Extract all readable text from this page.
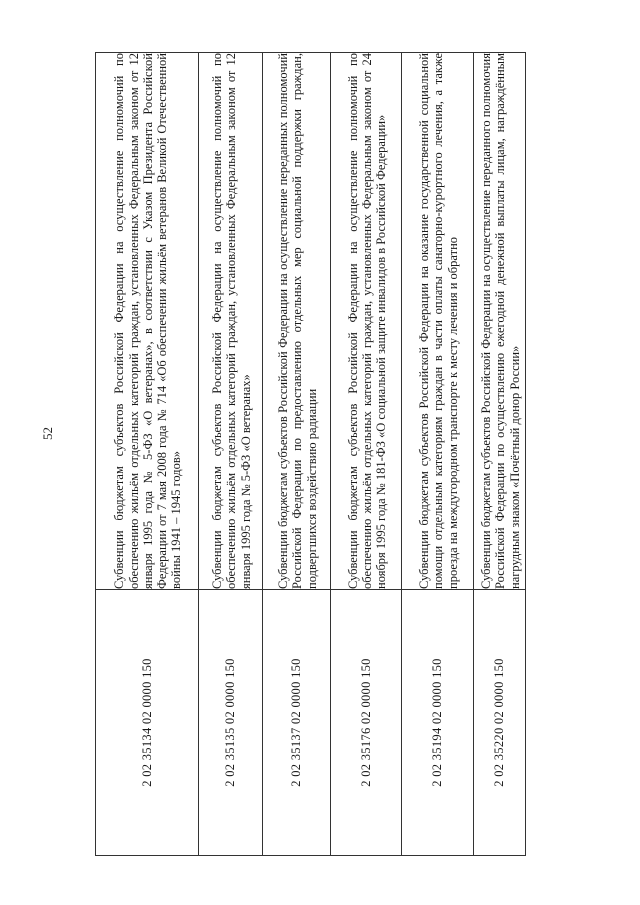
52
2 02 35134 02 0000 150	Субвенции бюджетам субъектов Российской Федерации на осуществление полномочий по обеспечению жильём отдельных категорий граждан, установленных Федеральным законом от 12 января 1995 года № 5-ФЗ «О ветеранах», в соответствии с Указом Президента Российской Федерации от 7 мая 2008 года № 714 «Об обеспечении жильём ветеранов Великой Отечественной войны 1941 – 1945 годов»

2 02 35135 02 0000 150	Субвенции бюджетам субъектов Российской Федерации на осуществление полномочий по обеспечению жильём отдельных категорий граждан, установленных Федеральным законом от 12 января 1995 года № 5-ФЗ «О ветеранах»

2 02 35137 02 0000 150	Субвенции бюджетам субъектов Российской Федерации на осуществление переданных полномочий Российской Федерации по предоставлению отдельных мер социальной поддержки граждан, подвергшихся воздействию радиации

2 02 35176 02 0000 150	Субвенции бюджетам субъектов Российской Федерации на осуществление полномочий по обеспечению жильём отдельных категорий граждан, установленных Федеральным законом от 24 ноября 1995 года № 181-ФЗ «О социальной защите инвалидов в Российской Федерации»

2 02 35194 02 0000 150	Субвенции бюджетам субъектов Российской Федерации на оказание государственной социальной помощи отдельным категориям граждан в части оплаты санаторно-курортного лечения, а также проезда на междугородном транспорте к месту лечения и обратно

2 02 35220 02 0000 150	Субвенции бюджетам субъектов Российской Федерации на осуществление переданного полномочия Российской Федерации по осуществлению ежегодной денежной выплаты лицам, награждённым нагрудным знаком «Почётный донор России»
